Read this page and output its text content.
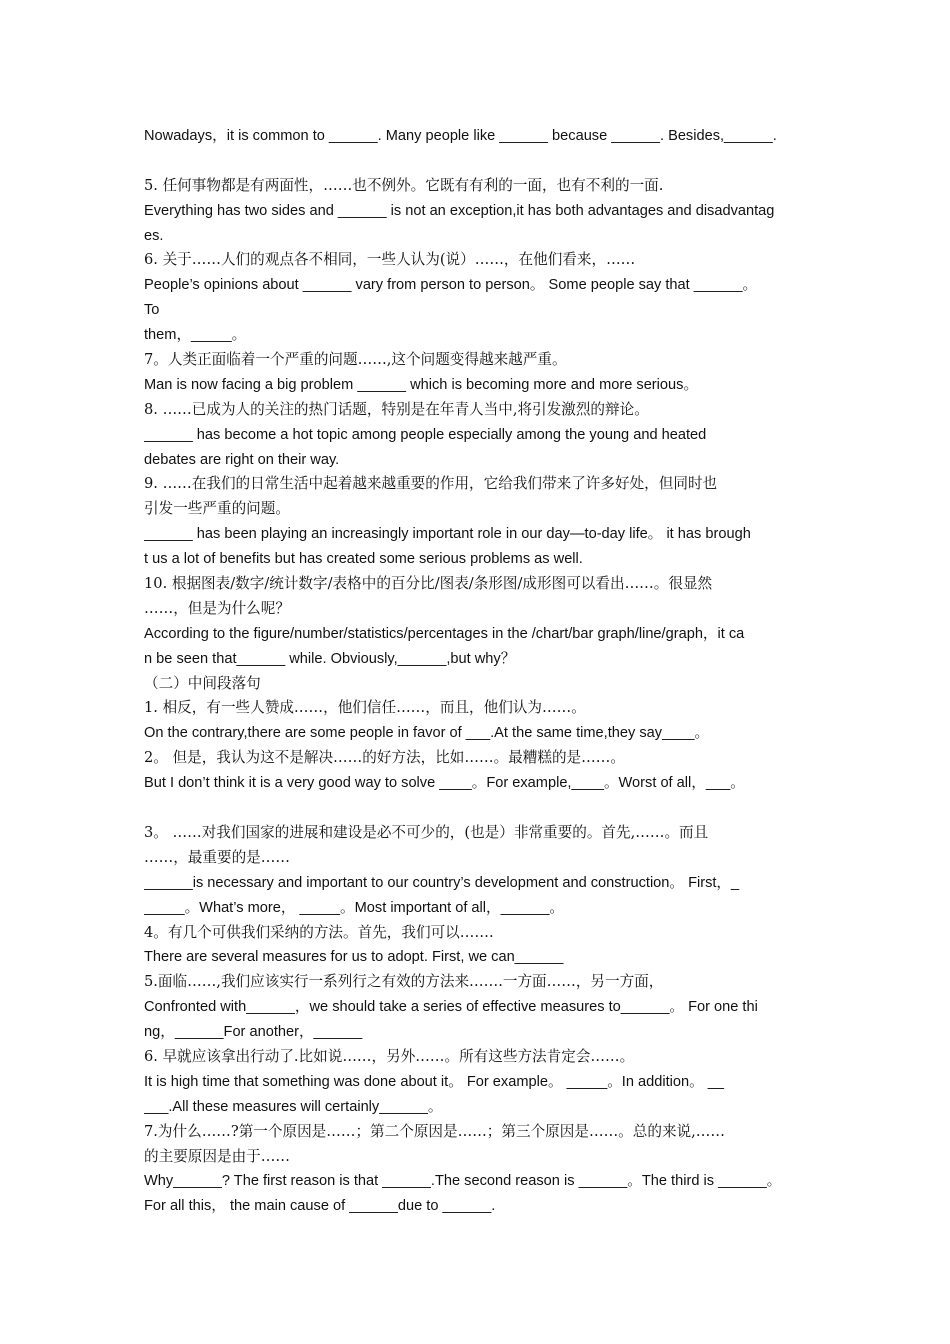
Nowadays，it is common to ______. Many people like ______ because ______. Besides,______.
5. 任何事物都是有两面性，……也不例外。它既有有利的一面，也有不利的一面.
Everything has two sides and ______ is not an exception,it has both advantages and disadvantag
es.
6. 关于……人们的观点各不相同，一些人认为(说）……，在他们看来，……
People’s opinions about ______ vary from person to person。 Some people say that ______。
To
them，_____。
7。人类正面临着一个严重的问题……,这个问题变得越来越严重。
Man is now facing a big problem ______ which is becoming more and more serious。
8. ……已成为人的关注的热门话题，特别是在年青人当中,将引发激烈的辩论。
______ has become a hot topic among people especially among the young and heated
debates are right on their way.
9. ……在我们的日常生活中起着越来越重要的作用，它给我们带来了许多好处，但同时也
引发一些严重的问题。
______ has been playing an increasingly important role in our day—to-day life。 it has brough
t us a lot of benefits but has created some serious problems as well.
10. 根据图表/数字/统计数字/表格中的百分比/图表/条形图/成形图可以看出……。很显然
……，但是为什么呢？
According to the figure/number/statistics/percentages in the /chart/bar graph/line/graph，it ca
n be seen that______ while. Obviously,______,but why？
（二）中间段落句
1. 相反，有一些人赞成……，他们信任……，而且，他们认为……。
On the contrary,there are some people in favor of ___.At the same time,they say____。
2。 但是，我认为这不是解决……的好方法，比如……。最糟糕的是……。
But I don’t think it is a very good way to solve ____。For example,____。Worst of all，___。
3。 ……对我们国家的进展和建设是必不可少的，(也是）非常重要的。首先,……。而且
……，最重要的是……
______is necessary and important to our country’s development and construction。 First，_
_____。What’s more， _____。Most important of all，______。
4。有几个可供我们采纳的方法。首先，我们可以…….
There are several measures for us to adopt. First, we can______
5.面临……,我们应该实行一系列行之有效的方法来…….一方面……，另一方面，
Confronted with______，we should take a series of effective measures to______。 For one thi
ng，______For another，______
6. 早就应该拿出行动了.比如说……，另外……。所有这些方法肯定会……。
It is high time that something was done about it。 For example。 _____。In addition。 __
___.All these measures will certainly______。
7.为什么……?第一个原因是……；第二个原因是……；第三个原因是……。总的来说,……
的主要原因是由于……
Why______? The first reason is that ______.The second reason is ______。The third is ______。
For all this， the main cause of ______due to ______.
